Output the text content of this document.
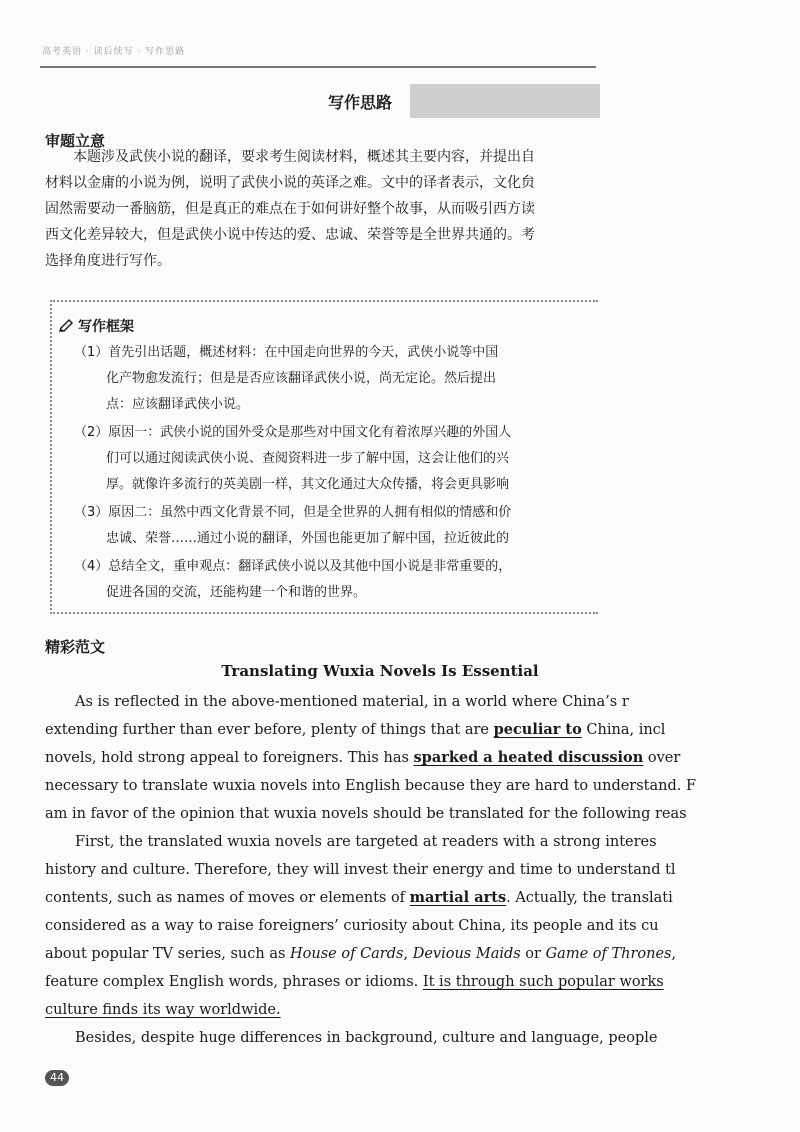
高考英语 · 读后续写 · 写作思路
写作思路
审题立意
本题涉及武侠小说的翻译，要求考生阅读材料，概述其主要内容，并提出自
材料以金庸的小说为例，说明了武侠小说的英译之难。文中的译者表示，文化贠
固然需要动一番脑筋，但是真正的难点在于如何讲好整个故事，从而吸引西方读
西文化差异较大，但是武侠小说中传达的爱、忠诚、荣誉等是全世界共通的。考
选择角度进行写作。
写作框架
（1）首先引出话题，概述材料：在中国走向世界的今天，武侠小说等中国
化产物愈发流行；但是是否应该翻译武侠小说，尚无定论。然后提出
点：应该翻译武侠小说。
（2）原因一：武侠小说的国外受众是那些对中国文化有着浓厚兴趣的外国人
们可以通过阅读武侠小说、查阅资料进一步了解中国，这会让他们的兴
厚。就像许多流行的英美剧一样，其文化通过大众传播，将会更具影响
（3）原因二：虽然中西文化背景不同，但是全世界的人拥有相似的情感和价
忠诚、荣誉……通过小说的翻译，外国也能更加了解中国，拉近彼此的
（4）总结全文，重申观点：翻译武侠小说以及其他中国小说是非常重要的，
促进各国的交流，还能构建一个和谐的世界。
精彩范文
Translating Wuxia Novels Is Essential
As is reflected in the above-mentioned material, in a world where China’s r
extending further than ever before, plenty of things that are peculiar to China, incl
novels, hold strong appeal to foreigners. This has sparked a heated discussion over
necessary to translate wuxia novels into English because they are hard to understand. F
am in favor of the opinion that wuxia novels should be translated for the following reas
First, the translated wuxia novels are targeted at readers with a strong interes
history and culture. Therefore, they will invest their energy and time to understand tl
contents, such as names of moves or elements of martial arts. Actually, the translati
considered as a way to raise foreigners’ curiosity about China, its people and its cu
about popular TV series, such as House of Cards, Devious Maids or Game of Thrones,
feature complex English words, phrases or idioms. It is through such popular works
culture finds its way worldwide.
Besides, despite huge differences in background, culture and language, people
44
